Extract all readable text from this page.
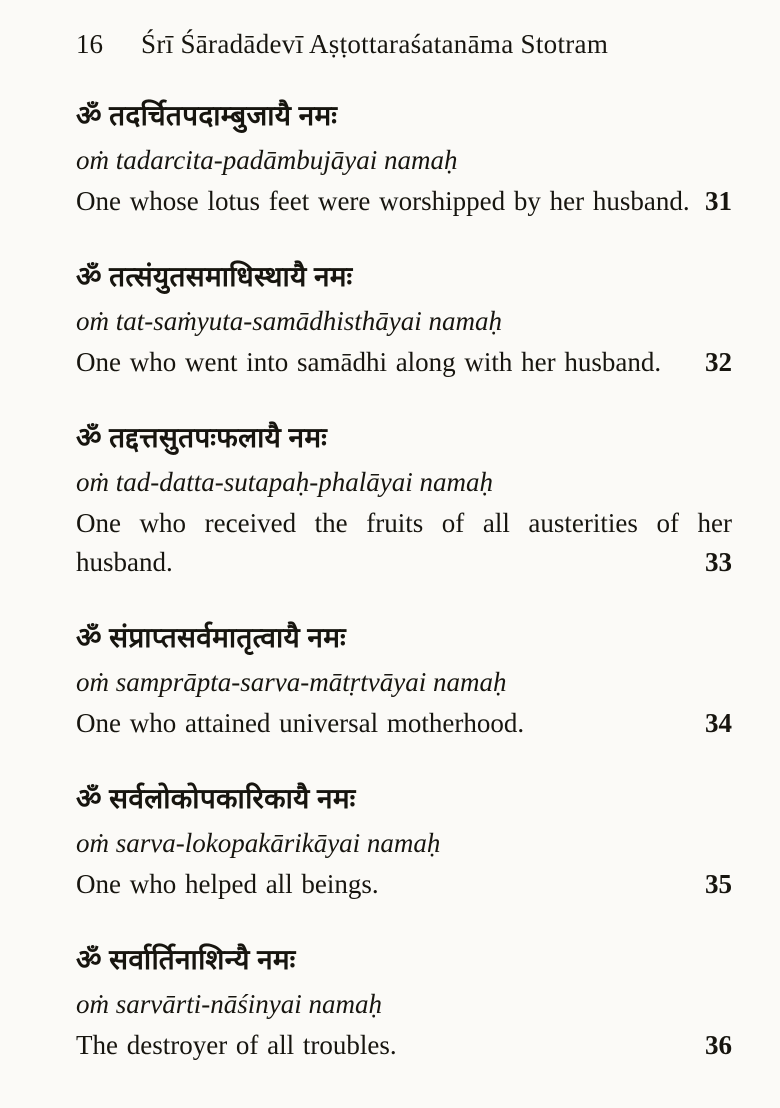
16 Śrī Śāradādevī Aṣṭottaraśatanāma Stotram
ॐ तदर्चितपदाम्बुजायै नमः
oṁ tadarcita-padāmbujāyai namaḥ
One whose lotus feet were worshipped by her husband. 31
ॐ तत्संयुतसमाधिस्थायै नमः
oṁ tat-saṁyuta-samādhisthāyai namaḥ
One who went into samādhi along with her husband.	32
ॐ तद्दत्तसुतपःफलायै नमः
oṁ tad-datta-sutapaḥ-phalāyai namaḥ
One who received the fruits of all austerities of her husband.	33
ॐ संप्राप्तसर्वमातृत्वायै नमः
oṁ samprāpta-sarva-mātṛtvāyai namaḥ
One who attained universal motherhood.	34
ॐ सर्वलोकोपकारिकायै नमः
oṁ sarva-lokopakārikāyai namaḥ
One who helped all beings.	35
ॐ सर्वार्तिनाशिन्यै नमः
oṁ sarvārti-nāśinyai namaḥ
The destroyer of all troubles.	36
